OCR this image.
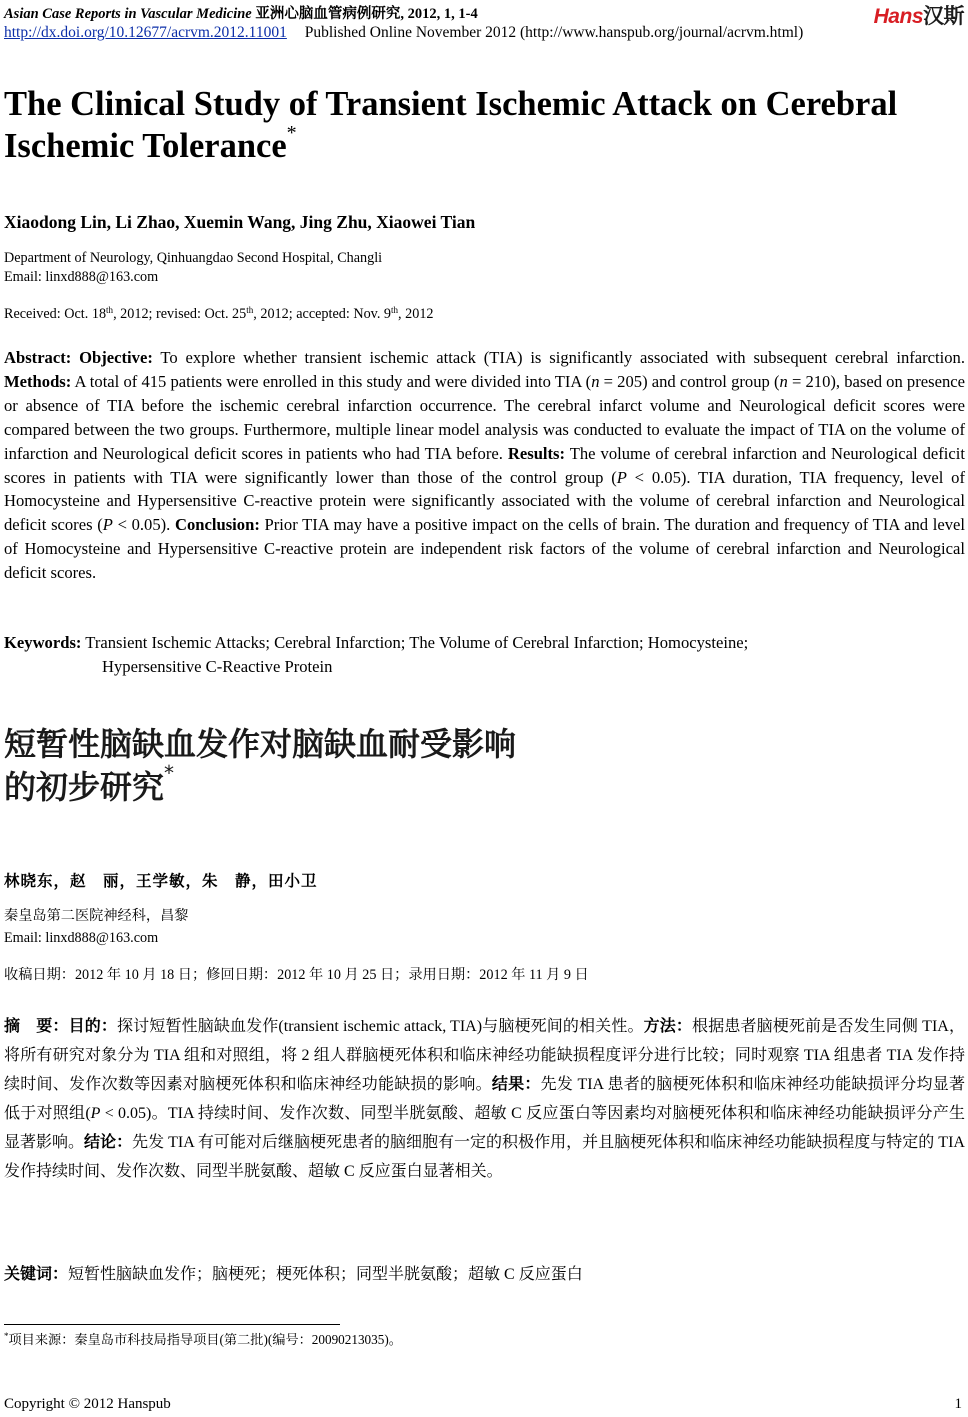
Asian Case Reports in Vascular Medicine 亚洲心脑血管病例研究, 2012, 1, 1-4	Hans汉斯
http://dx.doi.org/10.12677/acrvm.2012.11001 Published Online November 2012 (http://www.hanspub.org/journal/acrvm.html)
The Clinical Study of Transient Ischemic Attack on Cerebral Ischemic Tolerance*
Xiaodong Lin, Li Zhao, Xuemin Wang, Jing Zhu, Xiaowei Tian
Department of Neurology, Qinhuangdao Second Hospital, Changli
Email: linxd888@163.com
Received: Oct. 18th, 2012; revised: Oct. 25th, 2012; accepted: Nov. 9th, 2012

Abstract: Objective: To explore whether transient ischemic attack (TIA) is significantly associated with subsequent cerebral infarction. Methods: A total of 415 patients were enrolled in this study and were divided into TIA (n = 205) and control group (n = 210), based on presence or absence of TIA before the ischemic cerebral infarction occurrence. The cerebral infarct volume and Neurological deficit scores were compared between the two groups. Furthermore, multiple linear model analysis was conducted to evaluate the impact of TIA on the volume of infarction and Neurological deficit scores in patients who had TIA before. Results: The volume of cerebral infarction and Neurological deficit scores in patients with TIA were significantly lower than those of the control group (P < 0.05). TIA duration, TIA frequency, level of Homocysteine and Hypersensitive C-reactive protein were significantly associated with the volume of cerebral infarction and Neurological deficit scores (P < 0.05). Conclusion: Prior TIA may have a positive impact on the cells of brain. The duration and frequency of TIA and level of Homocysteine and Hypersensitive C-reactive protein are independent risk factors of the volume of cerebral infarction and Neurological deficit scores.

Keywords: Transient Ischemic Attacks; Cerebral Infarction; The Volume of Cerebral Infarction; Homocysteine;
Hypersensitive C-Reactive Protein
短暂性脑缺血发作对脑缺血耐受影响
的初步研究*
林晓东，赵　丽，王学敏，朱　静，田小卫
秦皇岛第二医院神经科，昌黎
Email: linxd888@163.com
收稿日期：2012 年 10 月 18 日；修回日期：2012 年 10 月 25 日；录用日期：2012 年 11 月 9 日

摘　要：目的：探讨短暂性脑缺血发作(transient ischemic attack, TIA)与脑梗死间的相关性。方法：根据患者脑梗死前是否发生同侧 TIA，将所有研究对象分为 TIA 组和对照组，将 2 组人群脑梗死体积和临床神经功能缺损程度评分进行比较；同时观察 TIA 组患者 TIA 发作持续时间、发作次数等因素对脑梗死体积和临床神经功能缺损的影响。结果：先发 TIA 患者的脑梗死体积和临床神经功能缺损评分均显著低于对照组(P < 0.05)。TIA 持续时间、发作次数、同型半胱氨酸、超敏 C 反应蛋白等因素均对脑梗死体积和临床神经功能缺损评分产生显著影响。结论：先发 TIA 有可能对后继脑梗死患者的脑细胞有一定的积极作用，并且脑梗死体积和临床神经功能缺损程度与特定的 TIA 发作持续时间、发作次数、同型半胱氨酸、超敏 C 反应蛋白显著相关。

关键词：短暂性脑缺血发作；脑梗死；梗死体积；同型半胱氨酸；超敏 C 反应蛋白
*项目来源：秦皇岛市科技局指导项目(第二批)(编号：20090213035)。
Copyright © 2012 Hanspub	1
